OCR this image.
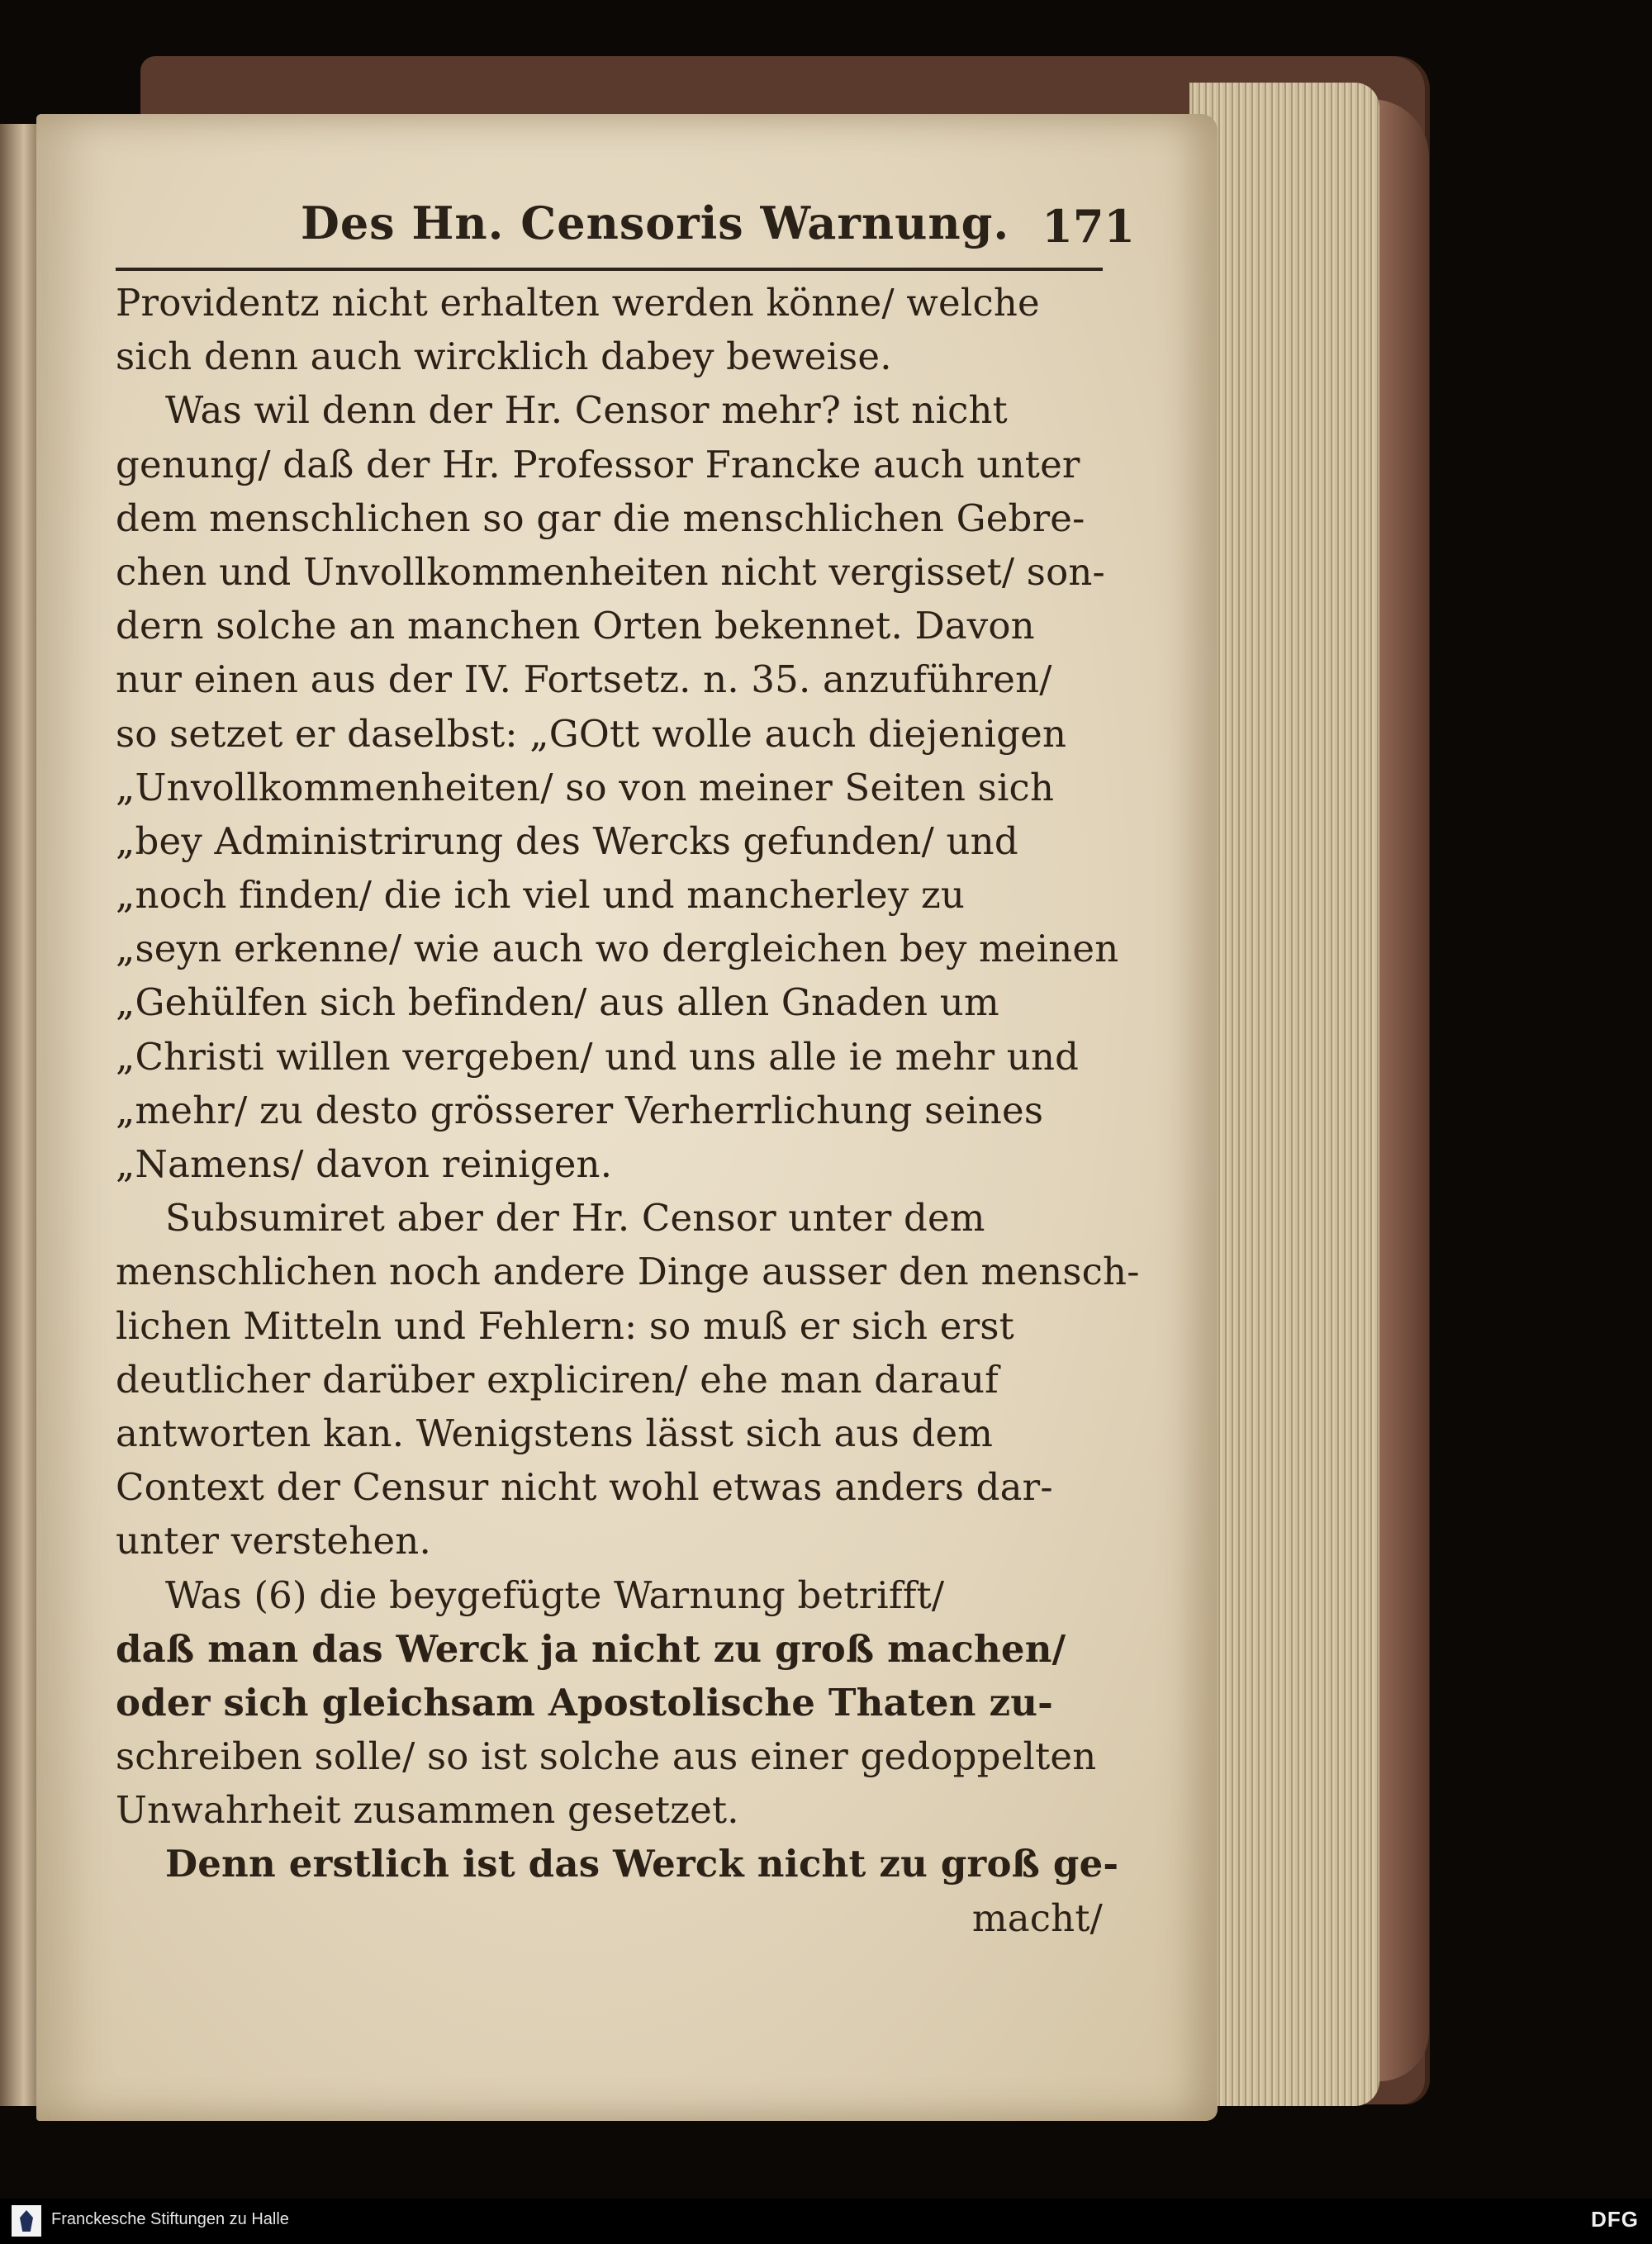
Des Hn. Censoris Warnung. 171
Providentz nicht erhalten werden könne/ welche
sich denn auch wircklich dabey beweise.
Was wil denn der Hr. Censor mehr? ist nicht
genung/ daß der Hr. Professor Francke auch unter
dem menschlichen so gar die menschlichen Gebre-
chen und Unvollkommenheiten nicht vergisset/ son-
dern solche an manchen Orten bekennet. Davon
nur einen aus der IV. Fortsetz. n. 35. anzuführen/
so setzet er daselbst: „GOtt wolle auch diejenigen
„Unvollkommenheiten/ so von meiner Seiten sich
„bey Administrirung des Wercks gefunden/ und
„noch finden/ die ich viel und mancherley zu
„seyn erkenne/ wie auch wo dergleichen bey meinen
„Gehülfen sich befinden/ aus allen Gnaden um
„Christi willen vergeben/ und uns alle ie mehr und
„mehr/ zu desto grösserer Verherrlichung seines
„Namens/ davon reinigen.
Subsumiret aber der Hr. Censor unter dem
menschlichen noch andere Dinge ausser den mensch-
lichen Mitteln und Fehlern: so muß er sich erst
deutlicher darüber expliciren/ ehe man darauf
antworten kan. Wenigstens lässt sich aus dem
Context der Censur nicht wohl etwas anders dar-
unter verstehen.
Was (6) die beygefügte Warnung betrifft/
daß man das Werck ja nicht zu groß machen/
oder sich gleichsam Apostolische Thaten zu-
schreiben solle/ so ist solche aus einer gedoppelten
Unwahrheit zusammen gesetzet.
Denn erstlich ist das Werck nicht zu groß ge-
macht/
Franckesche Stiftungen zu Halle	DFG
